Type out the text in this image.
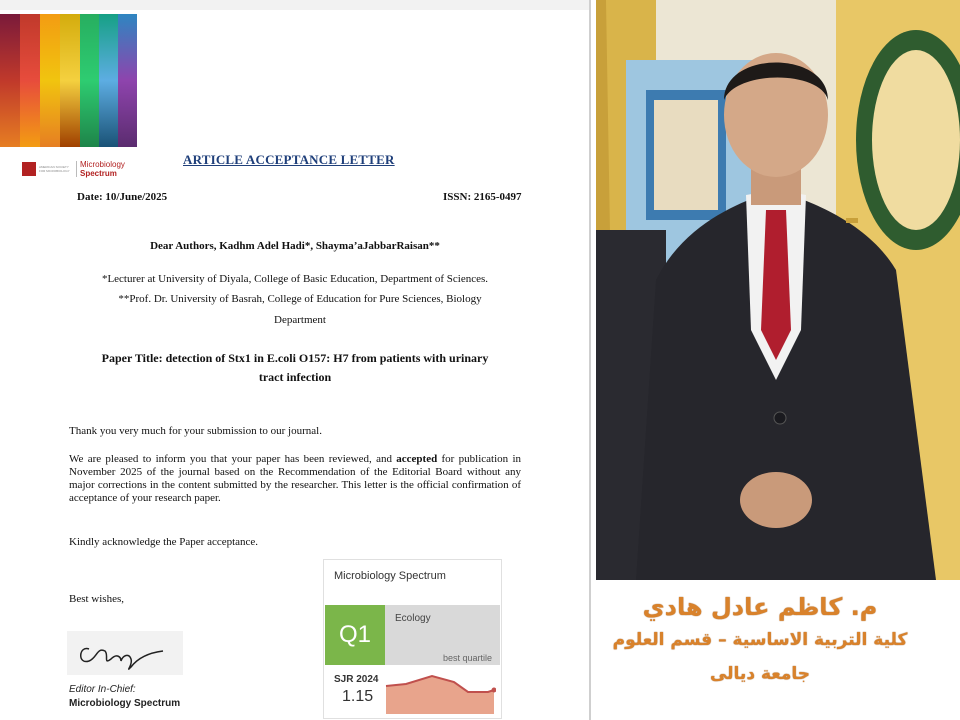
AMERICAN SOCIETY FOR MICROBIOLOGY
Microbiology
Spectrum
ARTICLE ACCEPTANCE LETTER
Date: 10/June/2025	ISSN: 2165-0497
Dear Authors, Kadhm Adel Hadi*, Shayma’aJabbarRaisan**
*Lecturer at University of Diyala, College of Basic Education, Department of Sciences.
**Prof. Dr. University of Basrah, College of Education for Pure Sciences, Biology
Department
Paper Title: detection of Stx1 in E.coli O157: H7 from patients with urinary
tract infection
Thank you very much for your submission to our journal.
We are pleased to inform you that your paper has been reviewed, and accepted for publication in November 2025 of the journal based on the Recommendation of the Editorial Board without any major corrections in the content submitted by the researcher. This letter is the official confirmation of acceptance of your research paper.
Kindly acknowledge the Paper acceptance.
Best wishes,
Editor In-Chief:
Microbiology Spectrum
Microbiology Spectrum
Q1
Ecology
best quartile
SJR 2024
1.15
م. كاظم عادل هادي
كلية التربية الاساسية – قسم العلوم
جامعة ديالى
